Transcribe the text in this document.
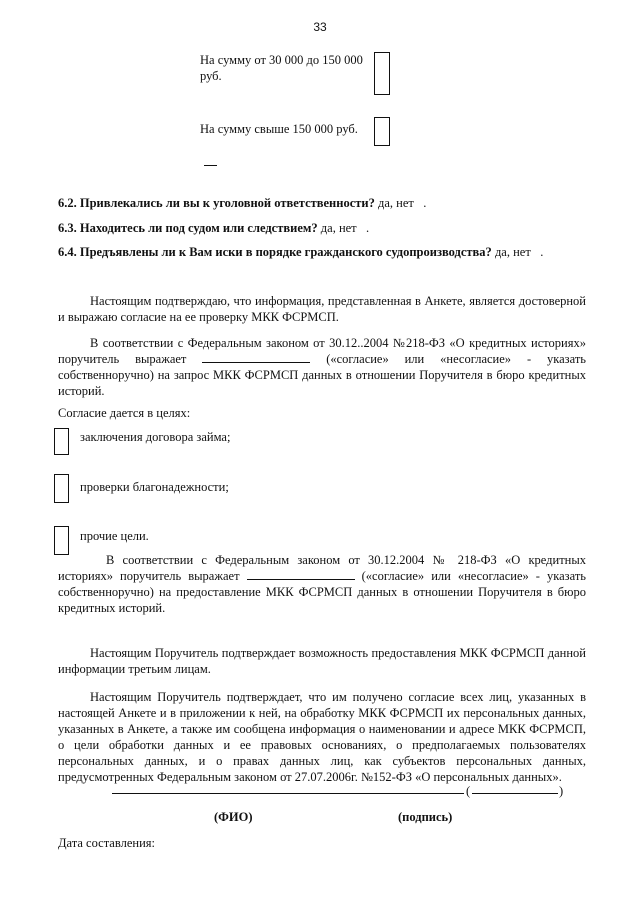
33
На сумму от 30 000 до 150 000
руб.
На сумму свыше 150 000 руб.
6.2. Привлекались ли вы к уголовной ответственности? да, нет .
6.3. Находитесь ли под судом или следствием? да, нет .
6.4. Предъявлены ли к Вам иски в порядке гражданского судопроизводства? да, нет .
Настоящим подтверждаю, что информация, представленная в Анкете, является достоверной и выражаю согласие на ее проверку МКК ФСРМСП.
В соответствии с Федеральным законом от 30.12..2004 №218-ФЗ «О кредитных историях» поручитель выражает	(«согласие» или «несогласие» - указать собственноручно) на запрос МКК ФСРМСП данных в отношении Поручителя в бюро кредитных историй.
Согласие дается в целях:
заключения договора займа;
проверки благонадежности;
прочие цели.
В соответствии с Федеральным законом от 30.12.2004 № 218-ФЗ «О кредитных историях» поручитель выражает	(«согласие» или «несогласие» - указать собственноручно) на предоставление МКК ФСРМСП данных в отношении Поручителя в бюро кредитных историй.
Настоящим Поручитель подтверждает возможность предоставления МКК ФСРМСП данной информации третьим лицам.
Настоящим Поручитель подтверждает, что им получено согласие всех лиц, указанных в настоящей Анкете и в приложении к ней, на обработку МКК ФСРМСП их персональных данных, указанных в Анкете, а также им сообщена информация о наименовании и адресе МКК ФСРМСП, о цели обработки данных и ее правовых основаниях, о предполагаемых пользователях персональных данных, и о правах данных лиц, как субъектов персональных данных, предусмотренных Федеральным законом от 27.07.2006г. №152-ФЗ «О персональных данных».
(	)
(ФИО)	(подпись)
Дата составления:
